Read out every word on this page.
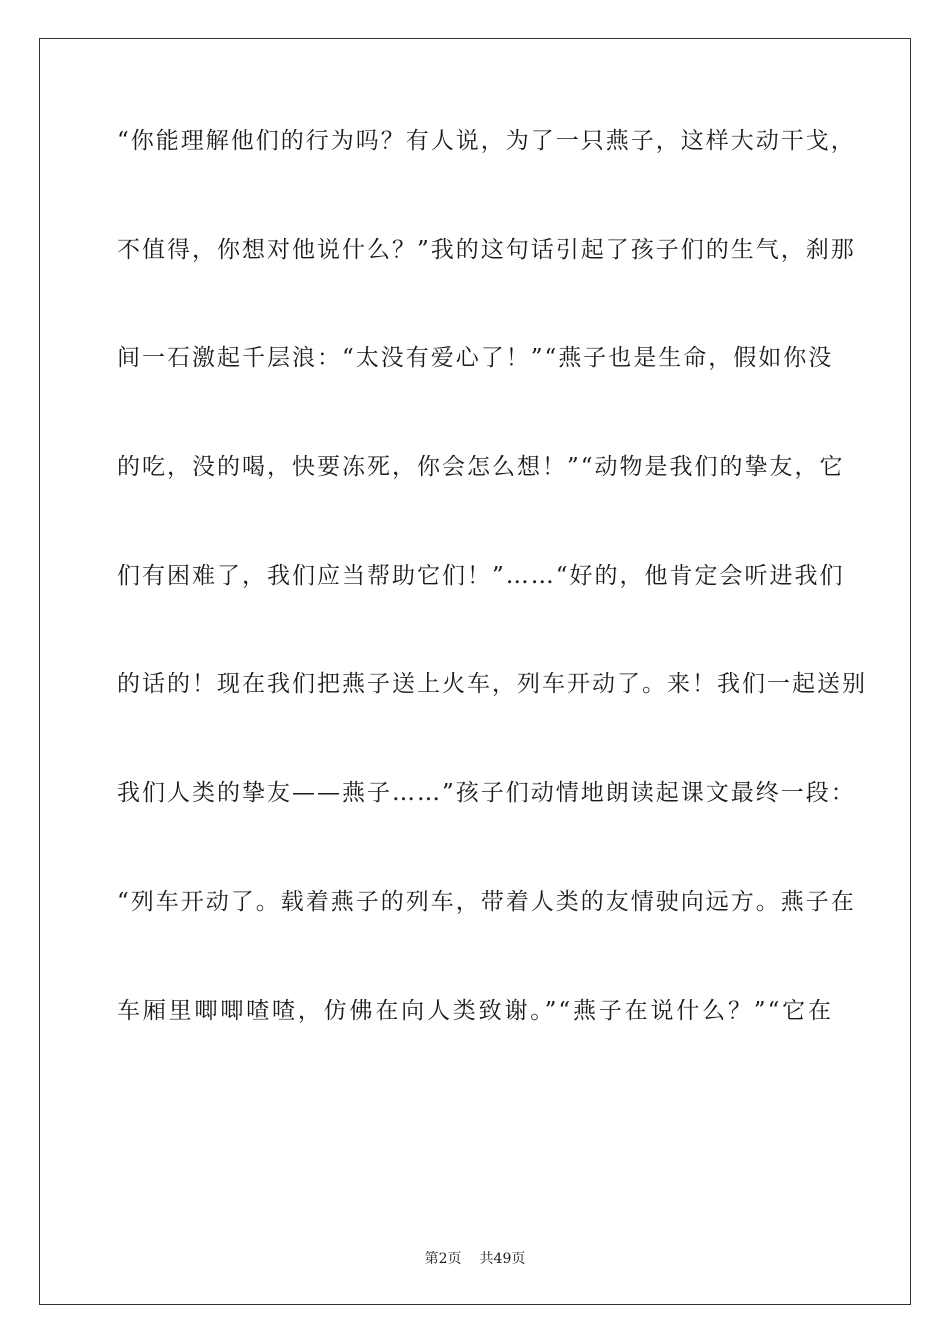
“你能理解他们的行为吗？有人说，为了一只燕子，这样大动干戈，
不值得，你想对他说什么？”我的这句话引起了孩子们的生气，刹那
间一石激起千层浪：“太没有爱心了！”“燕子也是生命，假如你没
的吃，没的喝，快要冻死，你会怎么想！”“动物是我们的挚友，它
们有困难了，我们应当帮助它们！”……“好的，他肯定会听进我们
的话的！现在我们把燕子送上火车，列车开动了。来！我们一起送别
我们人类的挚友——燕子……”孩子们动情地朗读起课文最终一段：
“列车开动了。载着燕子的列车，带着人类的友情驶向远方。燕子在
车厢里唧唧喳喳，仿佛在向人类致谢。”“燕子在说什么？”“它在
第2页 共49页
